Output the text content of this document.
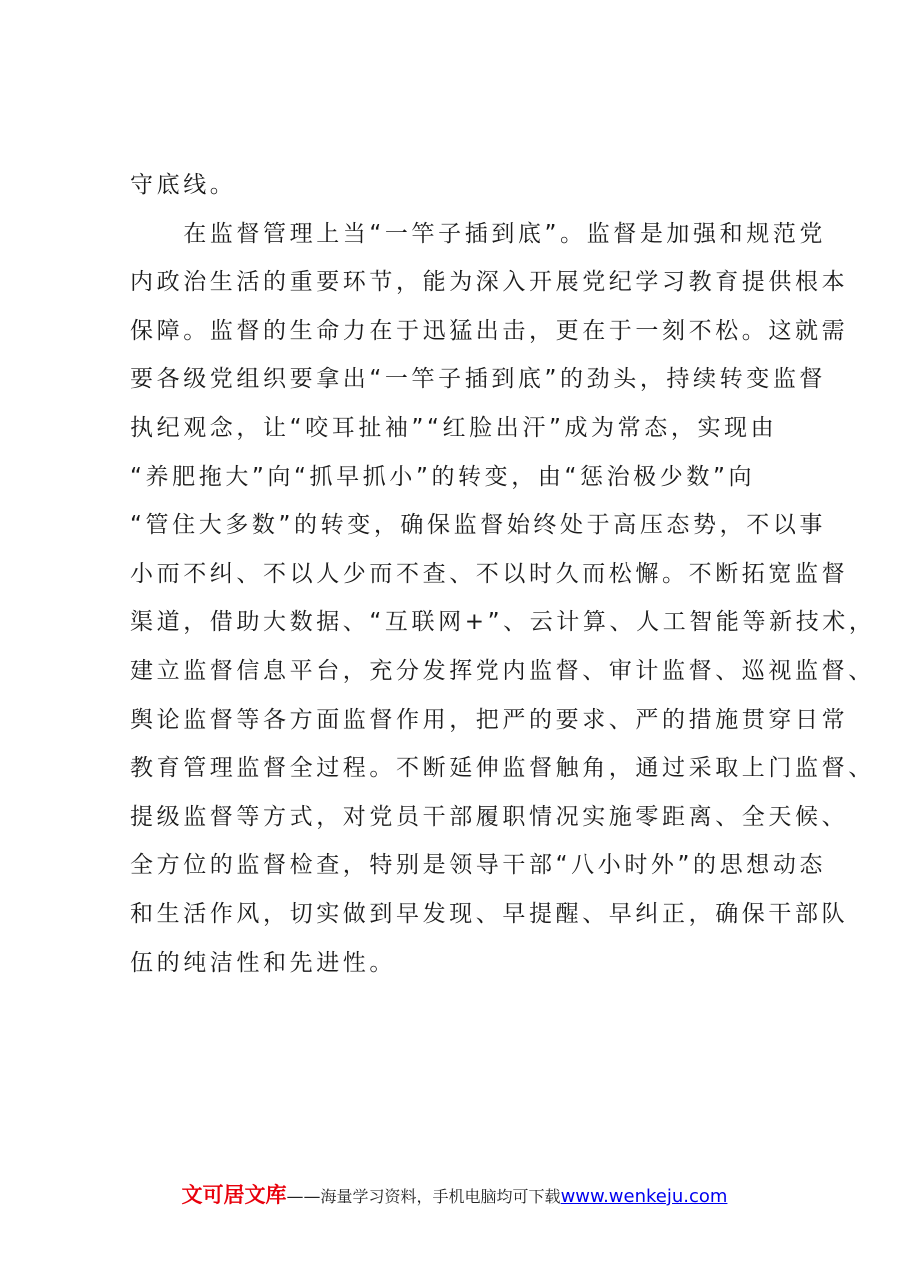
守底线。
　　在监督管理上当“一竿子插到底”。监督是加强和规范党
内政治生活的重要环节，能为深入开展党纪学习教育提供根本
保障。监督的生命力在于迅猛出击，更在于一刻不松。这就需
要各级党组织要拿出“一竿子插到底”的劲头，持续转变监督
执纪观念，让“咬耳扯袖”“红脸出汗”成为常态，实现由
“养肥拖大”向“抓早抓小”的转变，由“惩治极少数”向
“管住大多数”的转变，确保监督始终处于高压态势，不以事
小而不纠、不以人少而不查、不以时久而松懈。不断拓宽监督
渠道，借助大数据、“互联网+”、云计算、人工智能等新技术，
建立监督信息平台，充分发挥党内监督、审计监督、巡视监督、
舆论监督等各方面监督作用，把严的要求、严的措施贯穿日常
教育管理监督全过程。不断延伸监督触角，通过采取上门监督、
提级监督等方式，对党员干部履职情况实施零距离、全天候、
全方位的监督检查，特别是领导干部“八小时外”的思想动态
和生活作风，切实做到早发现、早提醒、早纠正，确保干部队
伍的纯洁性和先进性。
文可居文库——海量学习资料，手机电脑均可下载www.wenkeju.com
